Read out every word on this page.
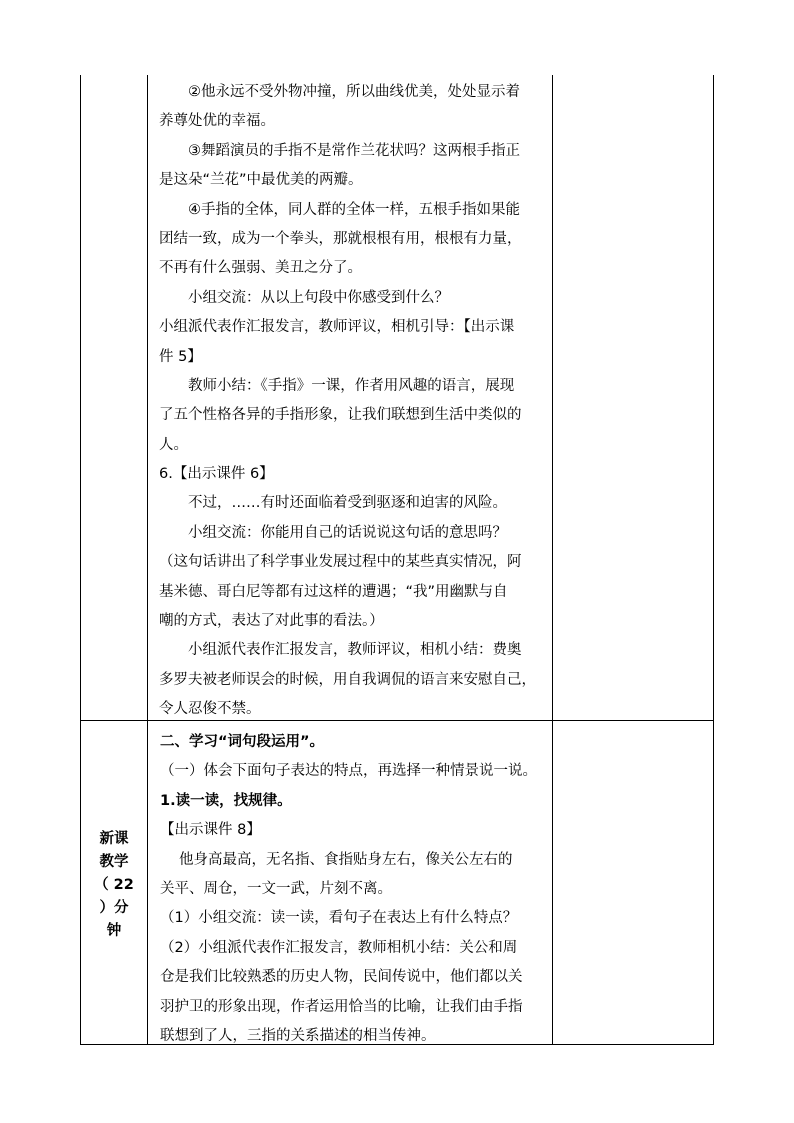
②他永远不受外物冲撞，所以曲线优美，处处显示着
养尊处优的幸福。
③舞蹈演员的手指不是常作兰花状吗？这两根手指正
是这朵“兰花”中最优美的两瓣。
④手指的全体，同人群的全体一样，五根手指如果能
团结一致，成为一个拳头，那就根根有用，根根有力量，
不再有什么强弱、美丑之分了。
小组交流：从以上句段中你感受到什么？
小组派代表作汇报发言，教师评议，相机引导：【出示课
件 5】
教师小结：《手指》一课，作者用风趣的语言，展现
了五个性格各异的手指形象，让我们联想到生活中类似的
人。
6.【出示课件 6】
不过，……有时还面临着受到驱逐和迫害的风险。
小组交流：你能用自己的话说说这句话的意思吗？
（这句话讲出了科学事业发展过程中的某些真实情况，阿
基米德、哥白尼等都有过这样的遭遇；“我”用幽默与自
嘲的方式，表达了对此事的看法。）
小组派代表作汇报发言，教师评议，相机小结：费奥
多罗夫被老师误会的时候，用自我调侃的语言来安慰自己，
令人忍俊不禁。
新课
教学
（ 22
）分
钟
二、学习“词句段运用”。
（一）体会下面句子表达的特点，再选择一种情景说一说。
1.读一读，找规律。
【出示课件 8】
他身高最高，无名指、食指贴身左右，像关公左右的
关平、周仓，一文一武，片刻不离。
（1）小组交流：读一读，看句子在表达上有什么特点？
（2）小组派代表作汇报发言，教师相机小结：关公和周
仓是我们比较熟悉的历史人物，民间传说中，他们都以关
羽护卫的形象出现，作者运用恰当的比喻，让我们由手指
联想到了人，三指的关系描述的相当传神。
